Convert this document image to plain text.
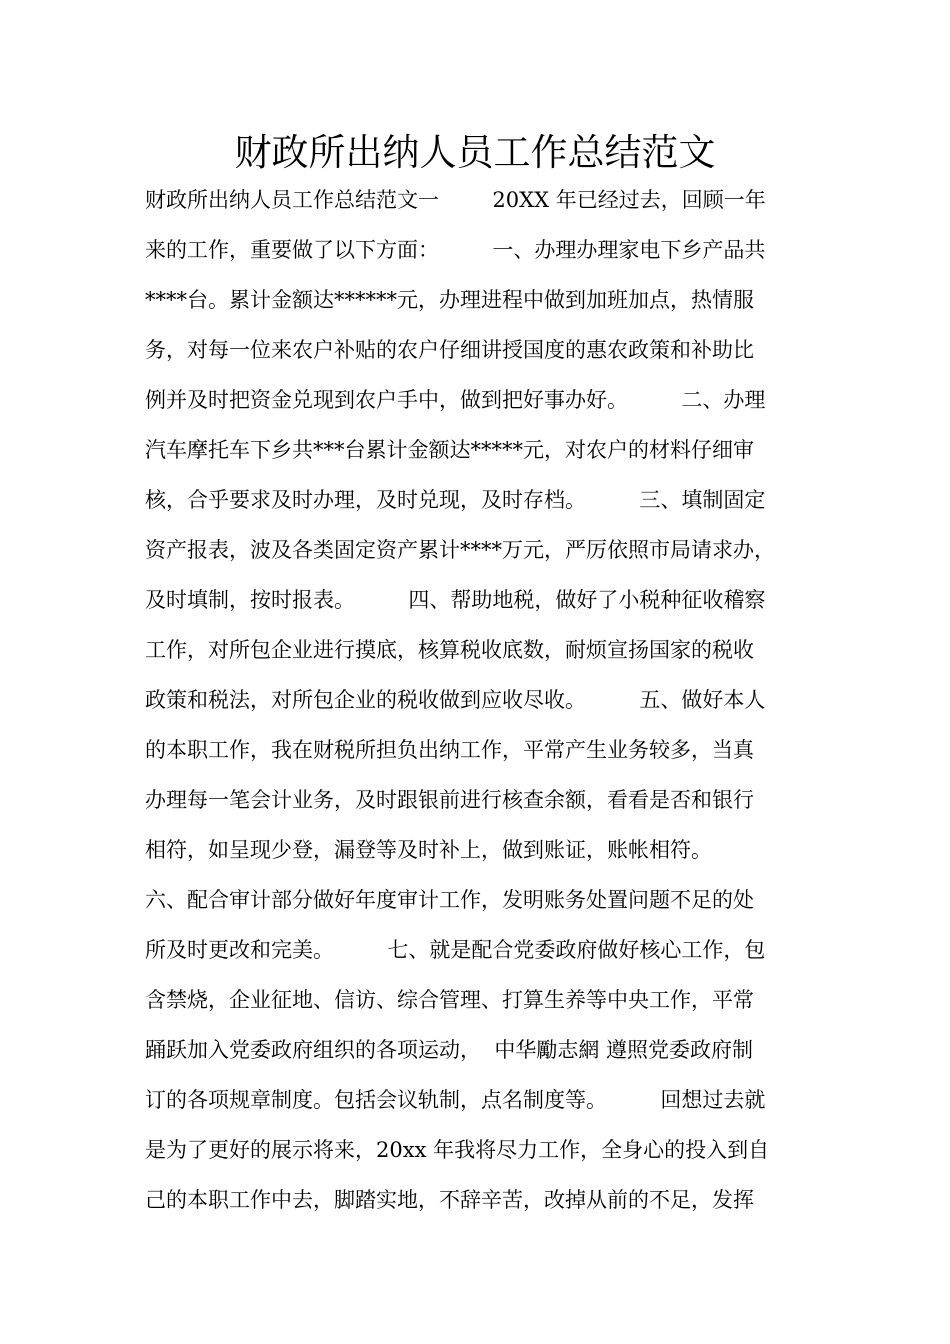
财政所出纳人员工作总结范文
财政所出纳人员工作总结范文一        20XX 年已经过去，回顾一年
来的工作，重要做了以下方面：        一、办理办理家电下乡产品共
****台。累计金额达******元，办理进程中做到加班加点，热情服
务，对每一位来农户补贴的农户仔细讲授国度的惠农政策和补助比
例并及时把资金兑现到农户手中，做到把好事办好。        二、办理
汽车摩托车下乡共***台累计金额达*****元，对农户的材料仔细审
核，合乎要求及时办理，及时兑现，及时存档。        三、填制固定
资产报表，波及各类固定资产累计****万元，严厉依照市局请求办，
及时填制，按时报表。        四、帮助地税，做好了小税种征收稽察
工作，对所包企业进行摸底，核算税收底数，耐烦宣扬国家的税收
政策和税法，对所包企业的税收做到应收尽收。        五、做好本人
的本职工作，我在财税所担负出纳工作，平常产生业务较多，当真
办理每一笔会计业务，及时跟银前进行核查余额，看看是否和银行
相符，如呈现少登，漏登等及时补上，做到账证，账帐相符。
六、配合审计部分做好年度审计工作，发明账务处置问题不足的处
所及时更改和完美。        七、就是配合党委政府做好核心工作，包
含禁烧，企业征地、信访、综合管理、打算生养等中央工作，平常
踊跃加入党委政府组织的各项运动，  中华勵志網 遵照党委政府制
订的各项规章制度。包括会议轨制，点名制度等。        回想过去就
是为了更好的展示将来，20xx 年我将尽力工作，全身心的投入到自
己的本职工作中去，脚踏实地，不辞辛苦，改掉从前的不足，发挥
